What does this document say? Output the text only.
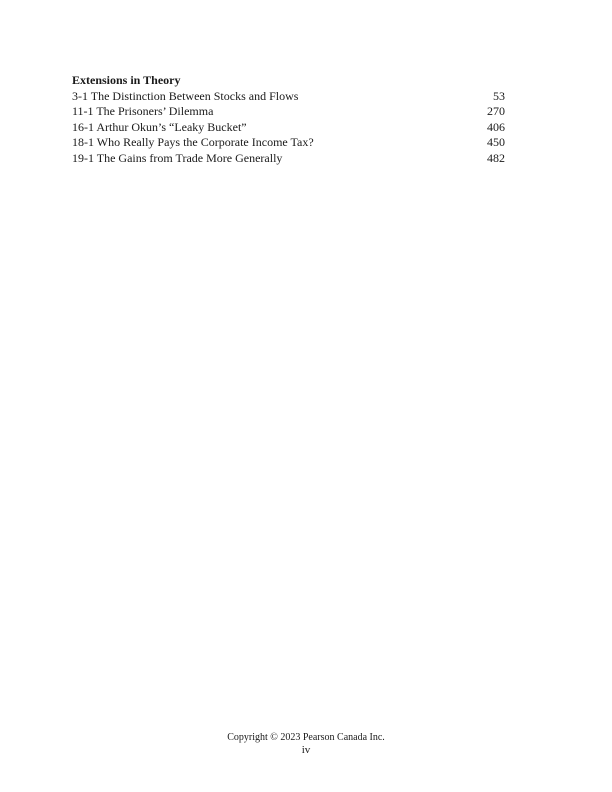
Extensions in Theory
3-1 The Distinction Between Stocks and Flows	53
11-1 The Prisoners’ Dilemma	270
16-1 Arthur Okun’s “Leaky Bucket”	406
18-1 Who Really Pays the Corporate Income Tax?	450
19-1 The Gains from Trade More Generally	482
Copyright © 2023 Pearson Canada Inc.
iv
